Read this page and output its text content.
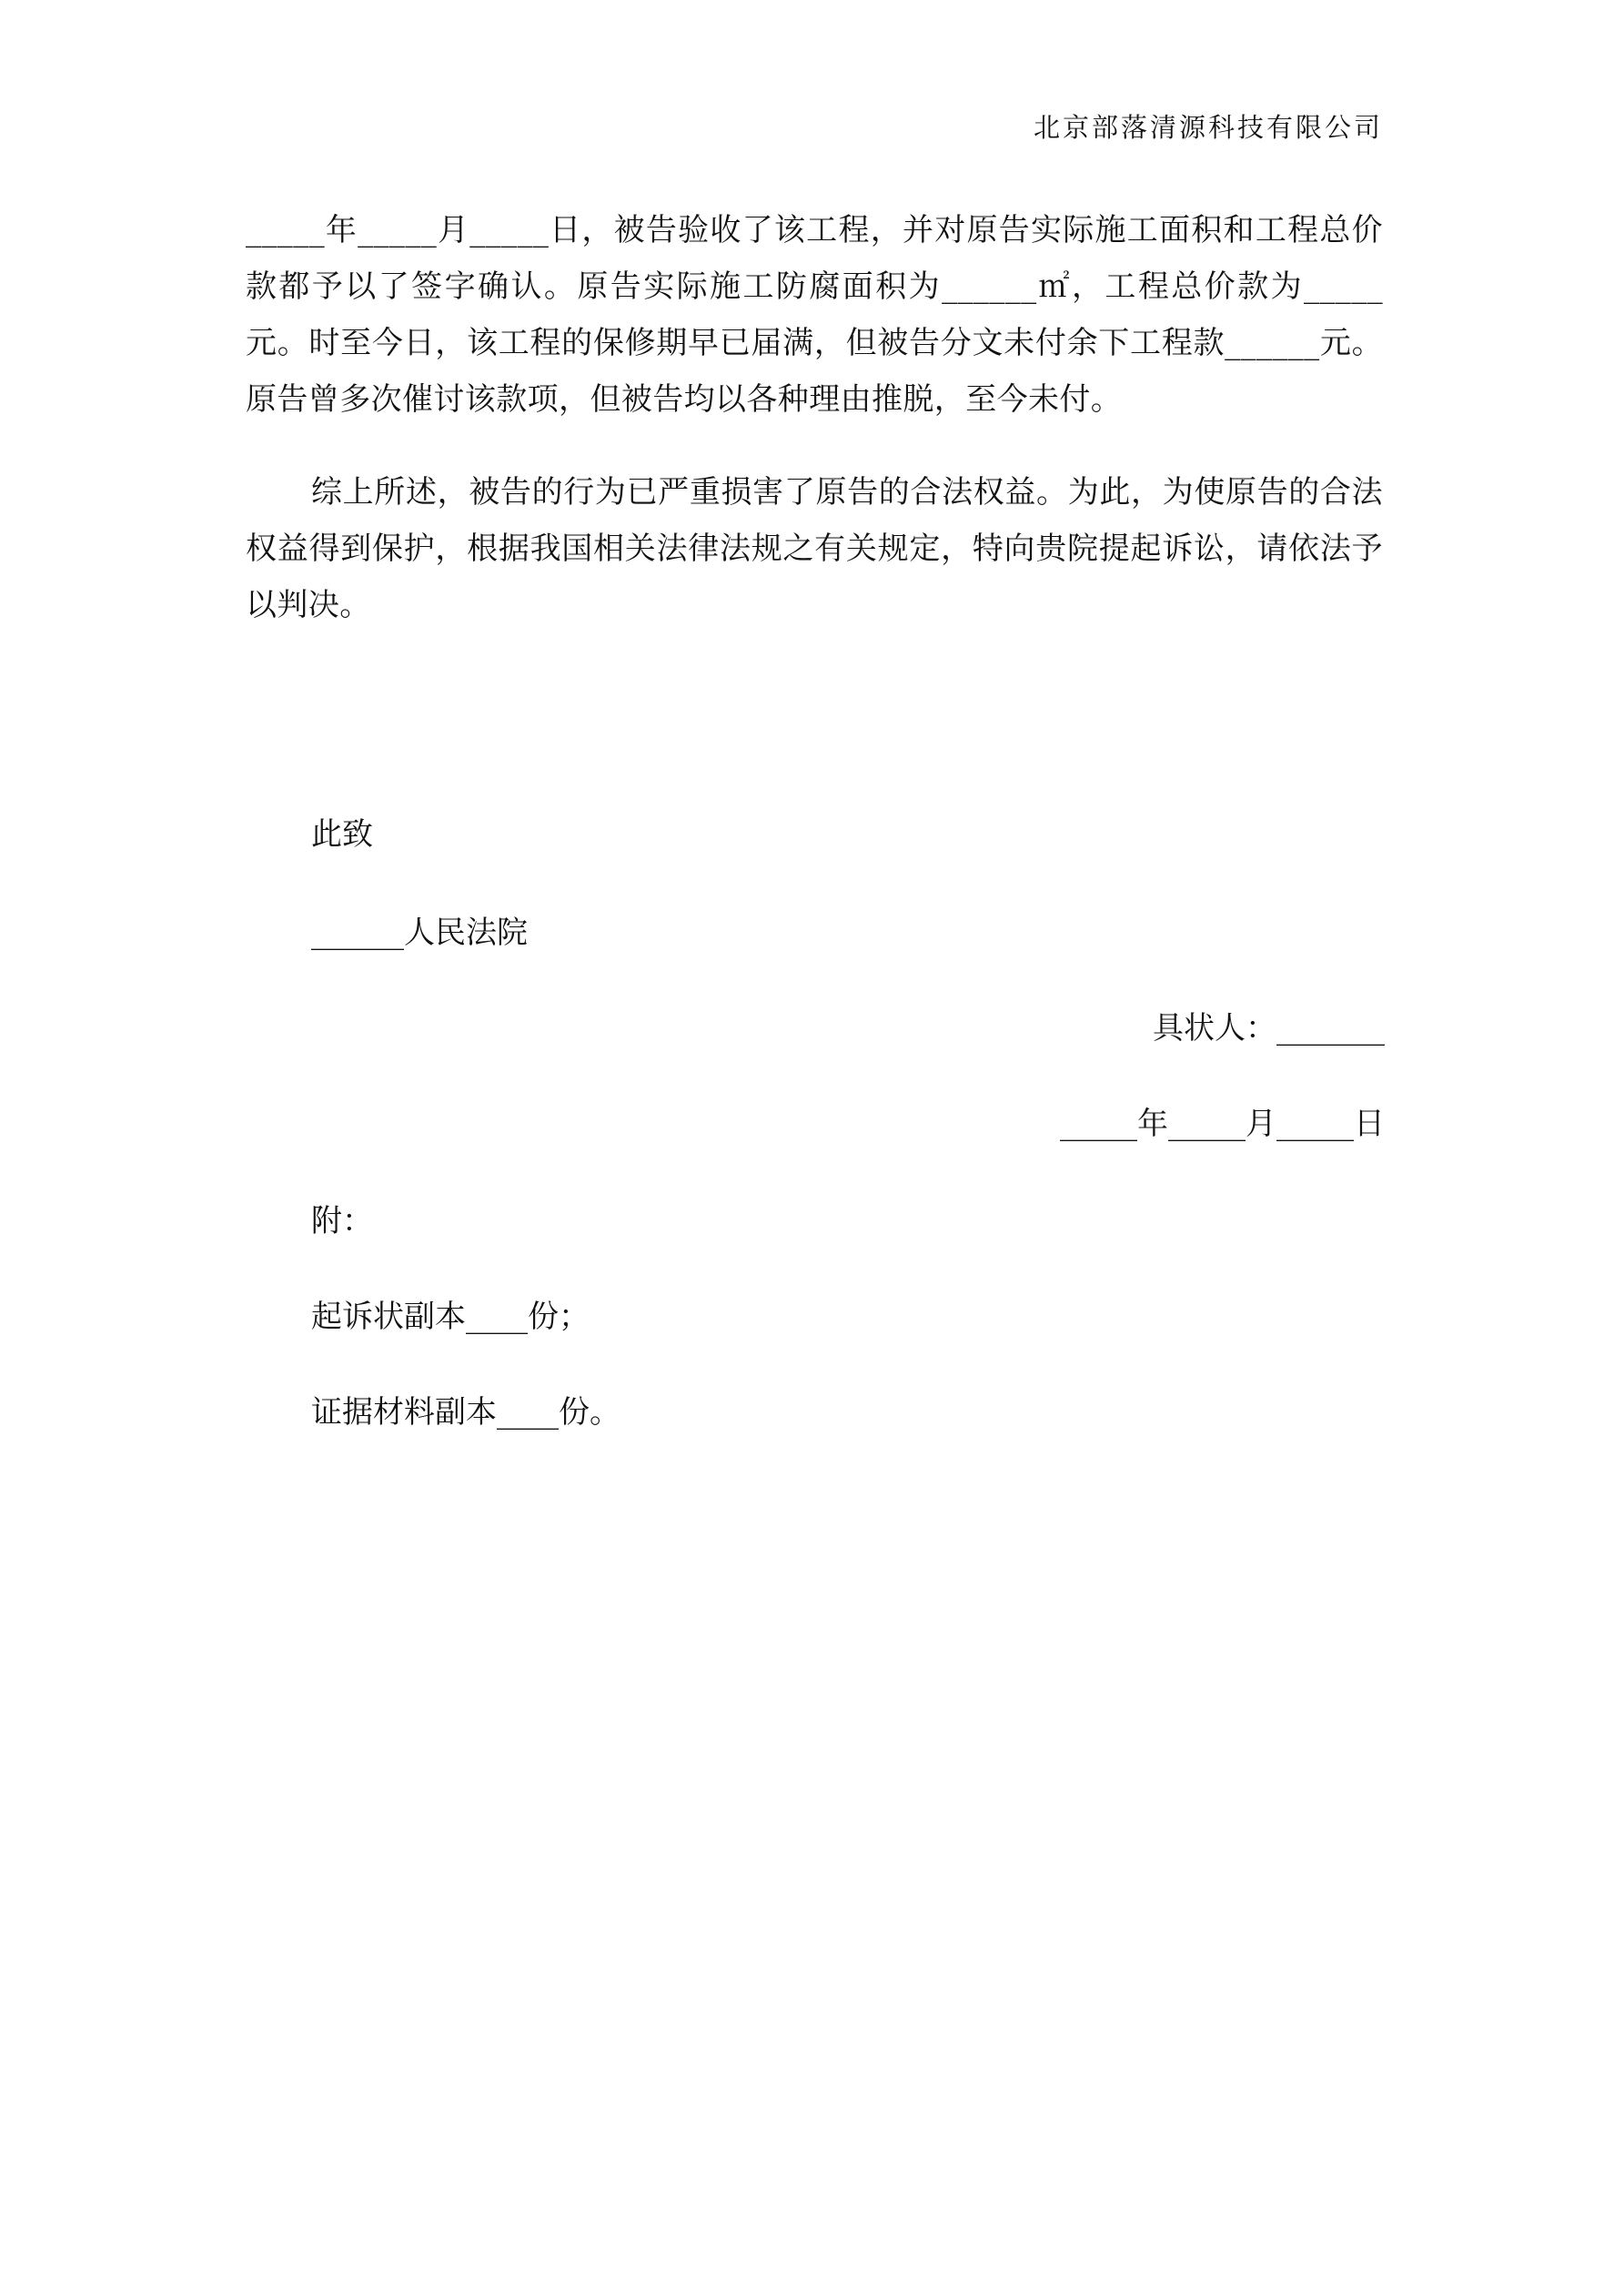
北京部落清源科技有限公司

_____年_____月_____日，被告验收了该工程，并对原告实际施工面积和工程总价款都予以了签字确认。原告实际施工防腐面积为______㎡，工程总价款为_____元。时至今日，该工程的保修期早已届满，但被告分文未付余下工程款______元。原告曾多次催讨该款项，但被告均以各种理由推脱，至今未付。

综上所述，被告的行为已严重损害了原告的合法权益。为此，为使原告的合法权益得到保护，根据我国相关法律法规之有关规定，特向贵院提起诉讼，请依法予以判决。

此致
______人民法院
具状人：_______
_____年_____月_____日
附：
起诉状副本____份；
证据材料副本____份。
